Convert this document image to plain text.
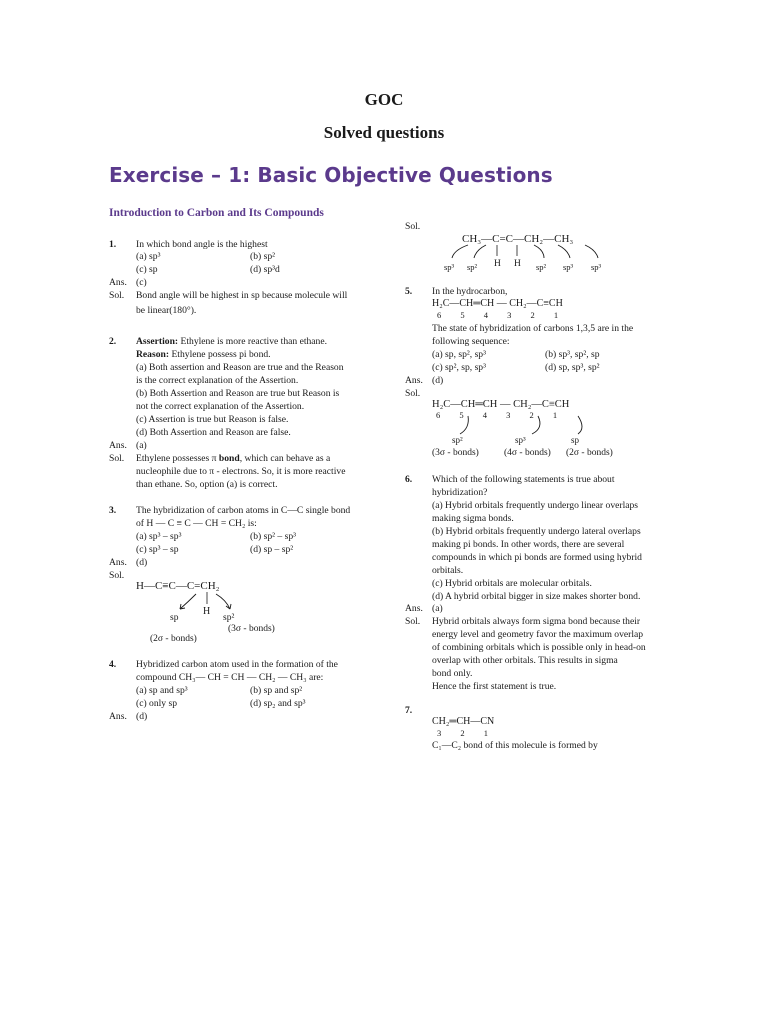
GOC
Solved questions
Exercise – 1: Basic Objective Questions
Introduction to Carbon and Its Compounds
1. In which bond angle is the highest
(a) sp³	(b) sp²
(c) sp	(d) sp³d
Ans. (c)
Sol. Bond angle will be highest in sp because molecule will
be linear(180°).
2. Assertion: Ethylene is more reactive than ethane.
Reason: Ethylene possess pi bond.
(a) Both assertion and Reason are true and the Reason
is the correct explanation of the Assertion.
(b) Both Assertion and Reason are true but Reason is
not the correct explanation of the Assertion.
(c) Assertion is true but Reason is false.
(d) Both Assertion and Reason are false.
Ans. (a)
Sol. Ethylene possesses π bond, which can behave as a
nucleophile due to π - electrons. So, it is more reactive
than ethane. So, option (a) is correct.
3. The hybridization of carbon atoms in C—C single bond
of H — C ≡ C — CH = CH₂ is:
(a) sp³ – sp³	(b) sp² – sp³
(c) sp³ – sp	(d) sp – sp²
Ans. (d)
Sol.
H—C≡C—C=CH₂
H
sp	sp²
(3σ - bonds)
(2σ - bonds)
4. Hybridized carbon atom used in the formation of the
compound CH₃— CH = CH — CH₂ — CH₃ are:
(a) sp and sp³	(b) sp and sp²
(c) only sp	(d) sp₂ and sp³
Ans. (d)
Sol.
CH₃—C=C—CH₂—CH₃
H H
sp³ sp²	sp² sp³ sp³
5. In the hydrocarbon,
H₂C—CH═CH — CH₂—C≡CH
6 5 4 3 2 1
The state of hybridization of carbons 1,3,5 are in the
following sequence:
(a) sp, sp², sp³	(b) sp³, sp², sp
(c) sp², sp, sp³	(d) sp, sp³, sp²
Ans. (d)
Sol.
H₂C—CH═CH — CH₂—C≡CH
6 5 4 3 2 1
sp²	sp³	sp
(3σ - bonds)	(4σ - bonds) (2σ - bonds)
6. Which of the following statements is true about
hybridization?
(a) Hybrid orbitals frequently undergo linear overlaps
making sigma bonds.
(b) Hybrid orbitals frequently undergo lateral overlaps
making pi bonds. In other words, there are several
compounds in which pi bonds are formed using hybrid
orbitals.
(c) Hybrid orbitals are molecular orbitals.
(d) A hybrid orbital bigger in size makes shorter bond.
Ans. (a)
Sol. Hybrid orbitals always form sigma bond because their
energy level and geometry favor the maximum overlap
of combining orbitals which is possible only in head-on
overlap with other orbitals. This results in sigma
bond only.
Hence the first statement is true.
7.
CH₂═CH—CN
3 2 1
C₁—C₂ bond of this molecule is formed by
